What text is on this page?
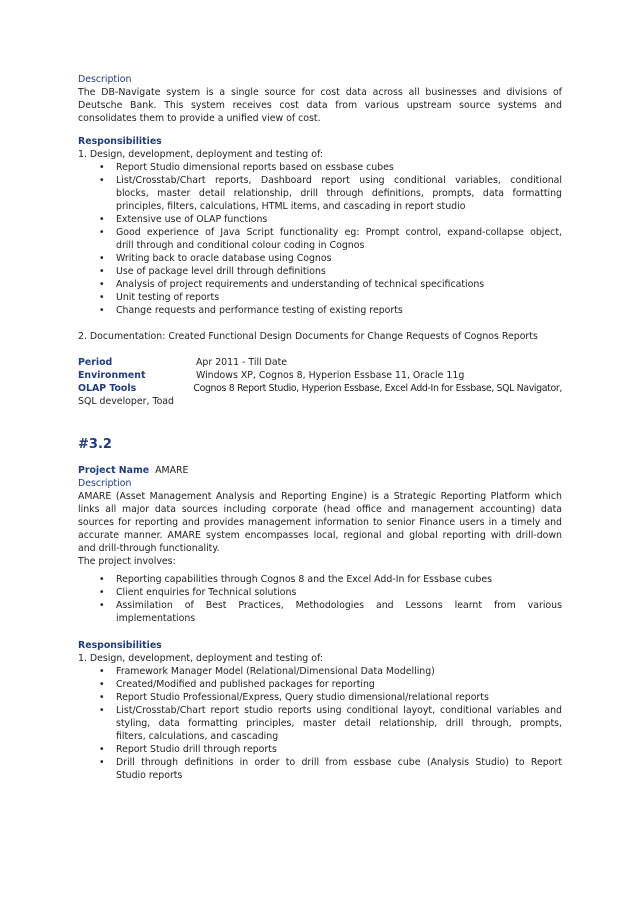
Description
The DB-Navigate system is a single source for cost data across all businesses and divisions of
Deutsche Bank. This system receives cost data from various upstream source systems and
consolidates them to provide a unified view of cost.
Responsibilities
1. Design, development, deployment and testing of:
• Report Studio dimensional reports based on essbase cubes
• List/Crosstab/Chart reports, Dashboard report using conditional variables, conditional
blocks, master detail relationship, drill through definitions, prompts, data formatting
principles, filters, calculations, HTML items, and cascading in report studio
• Extensive use of OLAP functions
• Good experience of Java Script functionality eg: Prompt control, expand-collapse object,
drill through and conditional colour coding in Cognos
• Writing back to oracle database using Cognos
• Use of package level drill through definitions
• Analysis of project requirements and understanding of technical specifications
• Unit testing of reports
• Change requests and performance testing of existing reports
2. Documentation: Created Functional Design Documents for Change Requests of Cognos Reports
Period	Apr 2011 - Till Date
Environment	Windows XP, Cognos 8, Hyperion Essbase 11, Oracle 11g
OLAP Tools	Cognos 8 Report Studio, Hyperion Essbase, Excel Add-In for Essbase, SQL Navigator,
SQL developer, Toad
#3.2
Project Name AMARE
Description
AMARE (Asset Management Analysis and Reporting Engine) is a Strategic Reporting Platform which
links all major data sources including corporate (head office and management accounting) data
sources for reporting and provides management information to senior Finance users in a timely and
accurate manner. AMARE system encompasses local, regional and global reporting with drill-down
and drill-through functionality.
The project involves:
• Reporting capabilities through Cognos 8 and the Excel Add-In for Essbase cubes
• Client enquiries for Technical solutions
• Assimilation of Best Practices, Methodologies and Lessons learnt from various
implementations
Responsibilities
1. Design, development, deployment and testing of:
• Framework Manager Model (Relational/Dimensional Data Modelling)
• Created/Modified and published packages for reporting
• Report Studio Professional/Express, Query studio dimensional/relational reports
• List/Crosstab/Chart report studio reports using conditional layoyt, conditional variables and
styling, data formatting principles, master detail relationship, drill through, prompts,
filters, calculations, and cascading
• Report Studio drill through reports
• Drill through definitions in order to drill from essbase cube (Analysis Studio) to Report
Studio reports
